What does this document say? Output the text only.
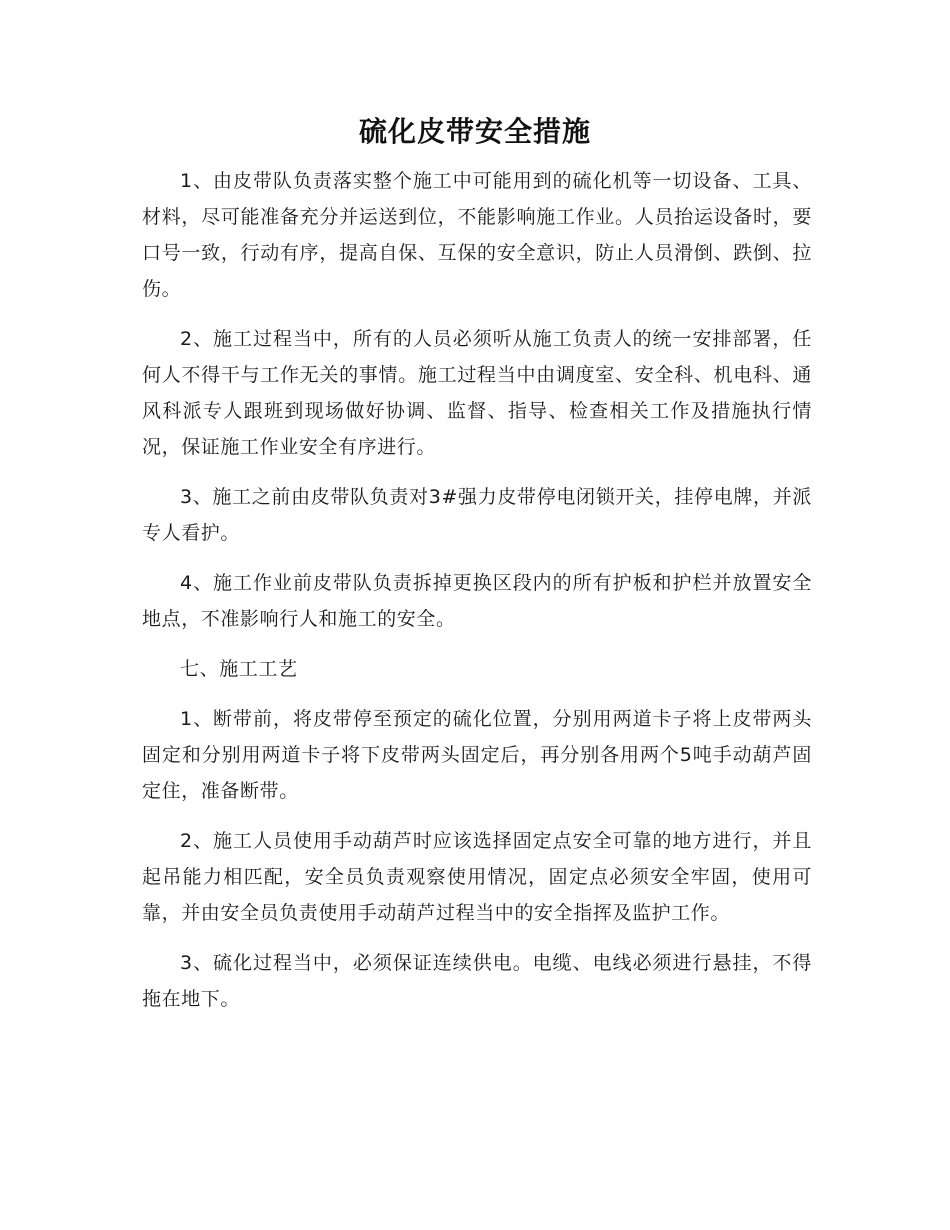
硫化皮带安全措施

1、由皮带队负责落实整个施工中可能用到的硫化机等一切设备、工具、材料，尽可能准备充分并运送到位，不能影响施工作业。人员抬运设备时，要口号一致，行动有序，提高自保、互保的安全意识，防止人员滑倒、跌倒、拉伤。

2、施工过程当中，所有的人员必须听从施工负责人的统一安排部署，任何人不得干与工作无关的事情。施工过程当中由调度室、安全科、机电科、通风科派专人跟班到现场做好协调、监督、指导、检查相关工作及措施执行情况，保证施工作业安全有序进行。

3、施工之前由皮带队负责对3#强力皮带停电闭锁开关，挂停电牌，并派专人看护。

4、施工作业前皮带队负责拆掉更换区段内的所有护板和护栏并放置安全地点，不准影响行人和施工的安全。

七、施工工艺

1、断带前，将皮带停至预定的硫化位置，分别用两道卡子将上皮带两头固定和分别用两道卡子将下皮带两头固定后，再分别各用两个5吨手动葫芦固定住，准备断带。

2、施工人员使用手动葫芦时应该选择固定点安全可靠的地方进行，并且起吊能力相匹配，安全员负责观察使用情况，固定点必须安全牢固，使用可靠，并由安全员负责使用手动葫芦过程当中的安全指挥及监护工作。

3、硫化过程当中，必须保证连续供电。电缆、电线必须进行悬挂，不得拖在地下。
